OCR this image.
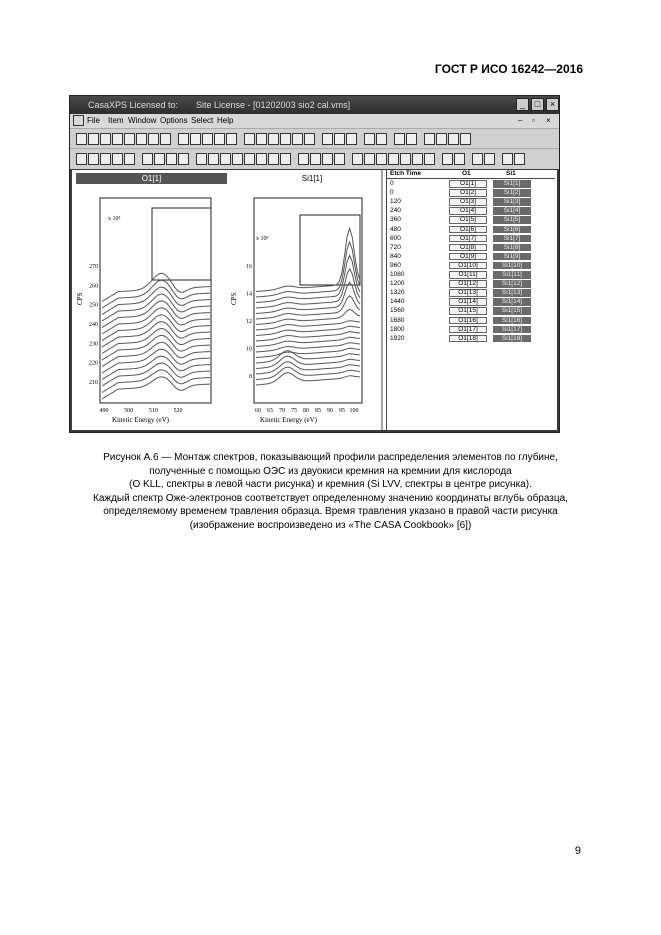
ГОСТ Р ИСО 16242—2016
CasaXPS Licensed to: Site License - [01202003 sio2 cal.vms]	_	□	×
File Item Window Options Select Help	– ▫ ×
O1[1]	Si1[1]
270
260
250
240
230
220
210
490	500	510	520
16
14
12
10
8
60 65 70 75 80 85 90 95 100
x 10³
CPS
Kinetic Energy (eV)
x 10³
CPS
Kinetic Energy (eV)
Etch Time	O1	Si1
0	O1[1]	Si1[1]
0	O1[2]	Si1[2]
120	O1[3]	Si1[3]
240	O1[4]	Si1[4]
360	O1[5]	Si1[5]
480	O1[6]	Si1[6]
600	O1[7]	Si1[7]
720	O1[8]	Si1[8]
840	O1[9]	Si1[9]
960	O1[10]	Si1[10]
1080	O1[11]	Si1[11]
1200	O1[12]	Si1[12]
1320	O1[13]	Si1[13]
1440	O1[14]	Si1[14]
1560	O1[15]	Si1[15]
1680	O1[16]	Si1[16]
1800	O1[17]	Si1[17]
1920	O1[18]	Si1[18]
Рисунок А.6 — Монтаж спектров, показывающий профили распределения элементов по глубине,
полученные с помощью ОЭС из двуокиси кремния на кремнии для кислорода
(O KLL, спектры в левой части рисунка) и кремния (Si LVV, спектры в центре рисунка).
Каждый спектр Оже-электронов соответствует определенному значению координаты вглубь образца,
определяемому временем травления образца. Время травления указано в правой части рисунка
(изображение воспроизведено из «The CASA Cookbook» [6])
9
